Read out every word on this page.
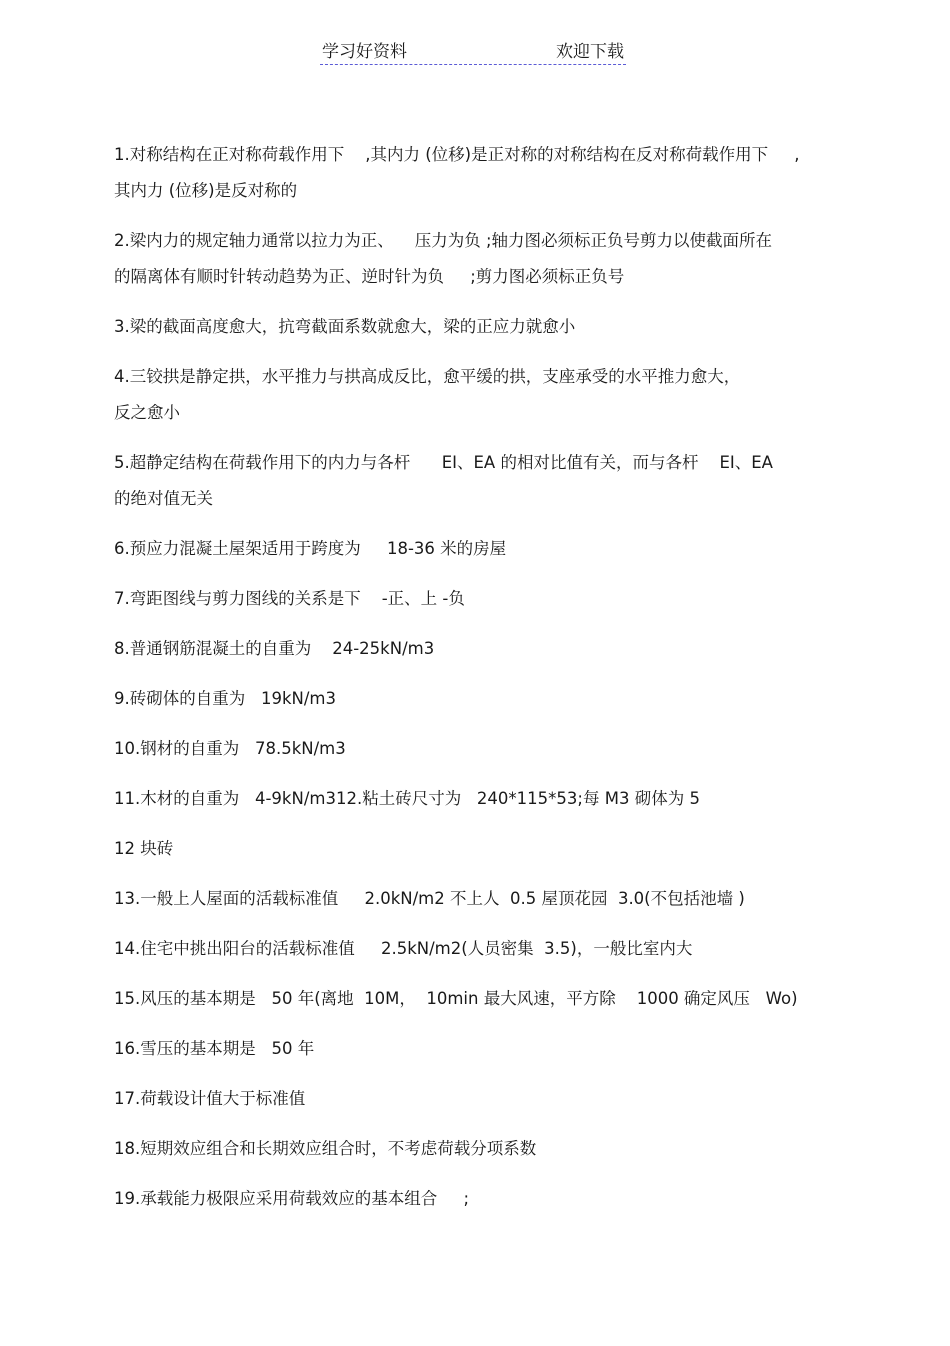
学习好资料	欢迎下载
1.对称结构在正对称荷载作用下    ,其内力 (位移)是正对称的对称结构在反对称荷载作用下     ,
其内力 (位移)是反对称的
2.梁内力的规定轴力通常以拉力为正、    压力为负 ;轴力图必须标正负号剪力以使截面所在
的隔离体有顺时针转动趋势为正、逆时针为负     ;剪力图必须标正负号
3.梁的截面高度愈大，抗弯截面系数就愈大，梁的正应力就愈小
4.三铰拱是静定拱，水平推力与拱高成反比，愈平缓的拱，支座承受的水平推力愈大，
反之愈小
5.超静定结构在荷载作用下的内力与各杆      EI、EA 的相对比值有关，而与各杆    EI、EA
的绝对值无关
6.预应力混凝土屋架适用于跨度为     18-36 米的房屋
7.弯距图线与剪力图线的关系是下    -正、上 -负
8.普通钢筋混凝土的自重为    24-25kN/m3
9.砖砌体的自重为   19kN/m3
10.钢材的自重为   78.5kN/m3
11.木材的自重为   4-9kN/m312.粘土砖尺寸为   240*115*53;每 M3 砌体为 5
12 块砖
13.一般上人屋面的活载标准值     2.0kN/m2 不上人  0.5 屋顶花园  3.0(不包括池墙 )
14.住宅中挑出阳台的活载标准值     2.5kN/m2(人员密集  3.5)，一般比室内大
15.风压的基本期是   50 年(离地  10M，  10min 最大风速，平方除    1000 确定风压   Wo)
16.雪压的基本期是   50 年
17.荷载设计值大于标准值
18.短期效应组合和长期效应组合时，不考虑荷载分项系数
19.承载能力极限应采用荷载效应的基本组合     ;
